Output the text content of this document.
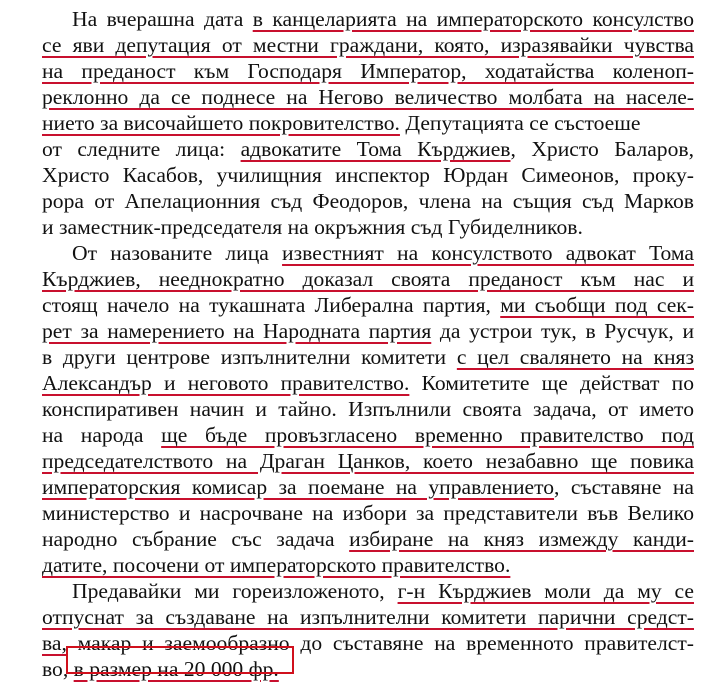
На вчерашна дата в канцеларията на императорското консулство
се яви депутация от местни граждани, която, изразявайки чувства
на преданост към Господаря Император, ходатайства коленоп-
реклонно да се поднесе на Негово величество молбата на населе-
нието за височайшето покровителство. Депутацията се състоеше
от следните лица: адвокатите Тома Кърджиев, Христо Баларов,
Христо Касабов, училищния инспектор Юрдан Симеонов, проку-
рора от Апелационния съд Феодоров, члена на същия съд Марков
и заместник-председателя на окръжния съд Губиделников.
От назованите лица известният на консулството адвокат Тома
Кърджиев, нееднократно доказал своята преданост към нас и
стоящ начело на тукашната Либерална партия, ми съобщи под сек-
рет за намерението на Народната партия да устрои тук, в Русчук, и
в други центрове изпълнителни комитети с цел свалянето на княз
Александър и неговото правителство. Комитетите ще действат по
конспиративен начин и тайно. Изпълнили своята задача, от името
на народа ще бъде провъзгласено временно правителство под
председателството на Драган Цанков, което незабавно ще повика
императорския комисар за поемане на управлението, съставяне на
министерство и насрочване на избори за представители във Велико
народно събрание със задача избиране на княз измежду канди-
датите, посочени от императорското правителство.
Предавайки ми гореизложеното, г-н Кърджиев моли да му се
отпуснат за създаване на изпълнителни комитети парични средст-
ва, макар и заемообразно до съставяне на временното правителст-
во, в размер на 20 000 фр.
